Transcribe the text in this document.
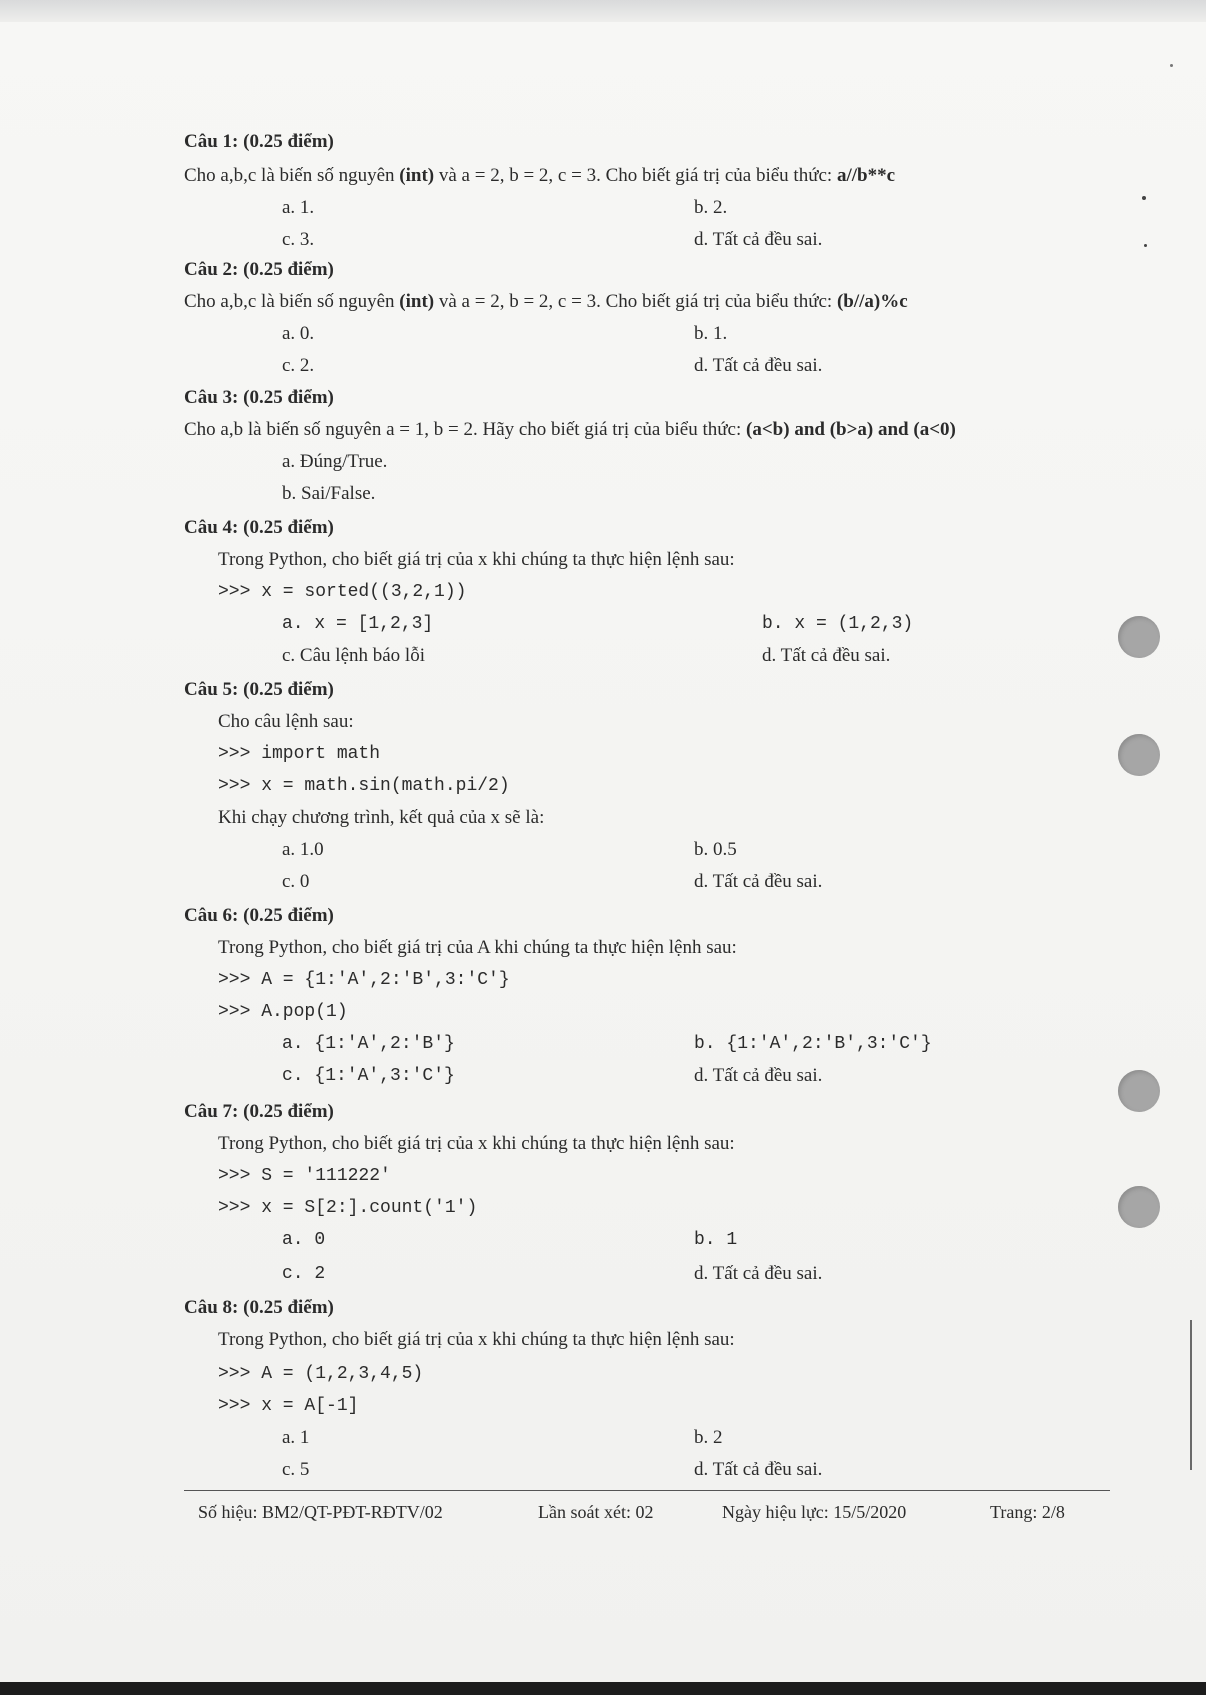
Câu 1: (0.25 điểm)
Cho a,b,c là biến số nguyên (int) và a = 2, b = 2, c = 3. Cho biết giá trị của biểu thức: a//b**c
a. 1.	b. 2.
c. 3.	d. Tất cả đều sai.
Câu 2: (0.25 điểm)
Cho a,b,c là biến số nguyên (int) và a = 2, b = 2, c = 3. Cho biết giá trị của biểu thức: (b//a)%c
a. 0.	b. 1.
c. 2.	d. Tất cả đều sai.
Câu 3: (0.25 điểm)
Cho a,b là biến số nguyên a = 1, b = 2. Hãy cho biết giá trị của biểu thức: (a<b) and (b>a) and (a<0)
a. Đúng/True.
b. Sai/False.
Câu 4: (0.25 điểm)
Trong Python, cho biết giá trị của x khi chúng ta thực hiện lệnh sau:
>>> x = sorted((3,2,1))
a. x = [1,2,3]	b. x = (1,2,3)
c. Câu lệnh báo lỗi	d. Tất cả đều sai.
Câu 5: (0.25 điểm)
Cho câu lệnh sau:
>>> import math
>>> x = math.sin(math.pi/2)
Khi chạy chương trình, kết quả của x sẽ là:
a. 1.0	b. 0.5
c. 0	d. Tất cả đều sai.
Câu 6: (0.25 điểm)
Trong Python, cho biết giá trị của A khi chúng ta thực hiện lệnh sau:
>>> A = {1:'A',2:'B',3:'C'}
>>> A.pop(1)
a. {1:'A',2:'B'}	b. {1:'A',2:'B',3:'C'}
c. {1:'A',3:'C'}	d. Tất cả đều sai.
Câu 7: (0.25 điểm)
Trong Python, cho biết giá trị của x khi chúng ta thực hiện lệnh sau:
>>> S = '111222'
>>> x = S[2:].count('1')
a. 0	b. 1
c. 2	d. Tất cả đều sai.
Câu 8: (0.25 điểm)
Trong Python, cho biết giá trị của x khi chúng ta thực hiện lệnh sau:
>>> A = (1,2,3,4,5)
>>> x = A[-1]
a. 1	b. 2
c. 5	d. Tất cả đều sai.
Số hiệu: BM2/QT-PĐT-RĐTV/02	Lần soát xét: 02	Ngày hiệu lực: 15/5/2020	Trang: 2/8
